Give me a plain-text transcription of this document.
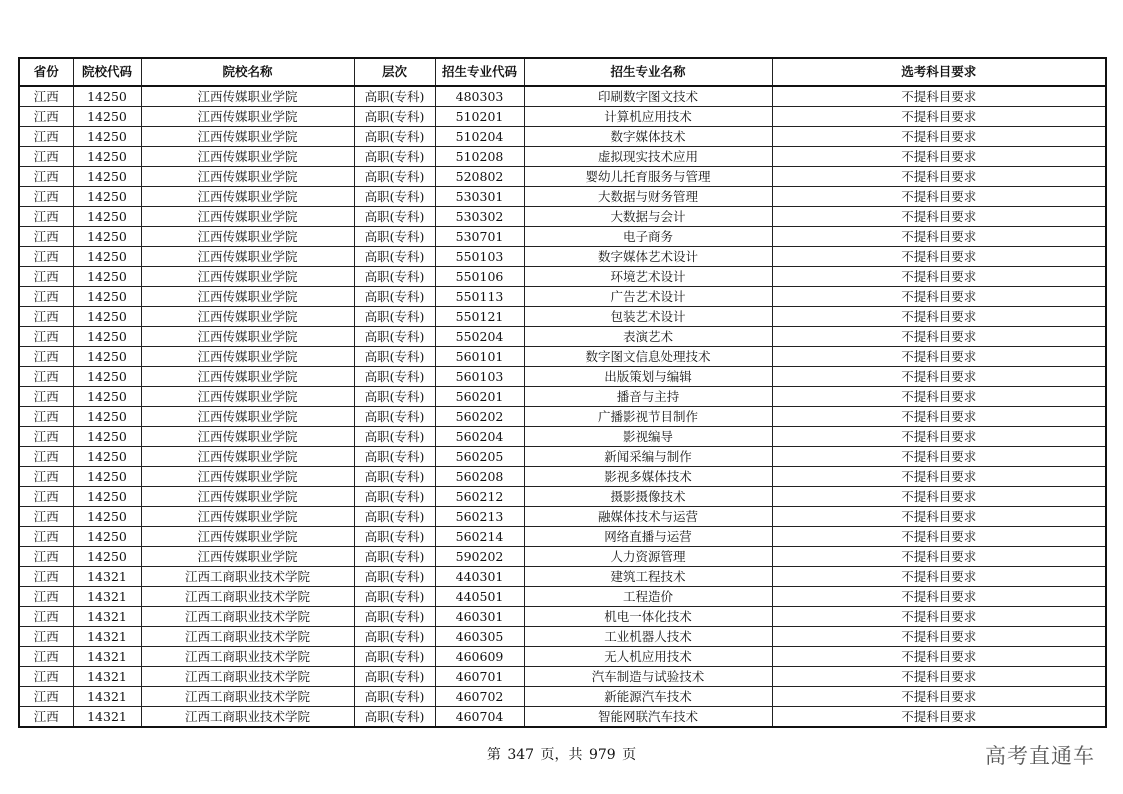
省份	院校代码	院校名称	层次	招生专业代码	招生专业名称	选考科目要求
江西	14250	江西传媒职业学院	高职(专科)	480303	印刷数字图文技术	不提科目要求
江西	14250	江西传媒职业学院	高职(专科)	510201	计算机应用技术	不提科目要求
江西	14250	江西传媒职业学院	高职(专科)	510204	数字媒体技术	不提科目要求
江西	14250	江西传媒职业学院	高职(专科)	510208	虚拟现实技术应用	不提科目要求
江西	14250	江西传媒职业学院	高职(专科)	520802	婴幼儿托育服务与管理	不提科目要求
江西	14250	江西传媒职业学院	高职(专科)	530301	大数据与财务管理	不提科目要求
江西	14250	江西传媒职业学院	高职(专科)	530302	大数据与会计	不提科目要求
江西	14250	江西传媒职业学院	高职(专科)	530701	电子商务	不提科目要求
江西	14250	江西传媒职业学院	高职(专科)	550103	数字媒体艺术设计	不提科目要求
江西	14250	江西传媒职业学院	高职(专科)	550106	环境艺术设计	不提科目要求
江西	14250	江西传媒职业学院	高职(专科)	550113	广告艺术设计	不提科目要求
江西	14250	江西传媒职业学院	高职(专科)	550121	包装艺术设计	不提科目要求
江西	14250	江西传媒职业学院	高职(专科)	550204	表演艺术	不提科目要求
江西	14250	江西传媒职业学院	高职(专科)	560101	数字图文信息处理技术	不提科目要求
江西	14250	江西传媒职业学院	高职(专科)	560103	出版策划与编辑	不提科目要求
江西	14250	江西传媒职业学院	高职(专科)	560201	播音与主持	不提科目要求
江西	14250	江西传媒职业学院	高职(专科)	560202	广播影视节目制作	不提科目要求
江西	14250	江西传媒职业学院	高职(专科)	560204	影视编导	不提科目要求
江西	14250	江西传媒职业学院	高职(专科)	560205	新闻采编与制作	不提科目要求
江西	14250	江西传媒职业学院	高职(专科)	560208	影视多媒体技术	不提科目要求
江西	14250	江西传媒职业学院	高职(专科)	560212	摄影摄像技术	不提科目要求
江西	14250	江西传媒职业学院	高职(专科)	560213	融媒体技术与运营	不提科目要求
江西	14250	江西传媒职业学院	高职(专科)	560214	网络直播与运营	不提科目要求
江西	14250	江西传媒职业学院	高职(专科)	590202	人力资源管理	不提科目要求
江西	14321	江西工商职业技术学院	高职(专科)	440301	建筑工程技术	不提科目要求
江西	14321	江西工商职业技术学院	高职(专科)	440501	工程造价	不提科目要求
江西	14321	江西工商职业技术学院	高职(专科)	460301	机电一体化技术	不提科目要求
江西	14321	江西工商职业技术学院	高职(专科)	460305	工业机器人技术	不提科目要求
江西	14321	江西工商职业技术学院	高职(专科)	460609	无人机应用技术	不提科目要求
江西	14321	江西工商职业技术学院	高职(专科)	460701	汽车制造与试验技术	不提科目要求
江西	14321	江西工商职业技术学院	高职(专科)	460702	新能源汽车技术	不提科目要求
江西	14321	江西工商职业技术学院	高职(专科)	460704	智能网联汽车技术	不提科目要求
第 347 页，共 979 页	高考直通车
